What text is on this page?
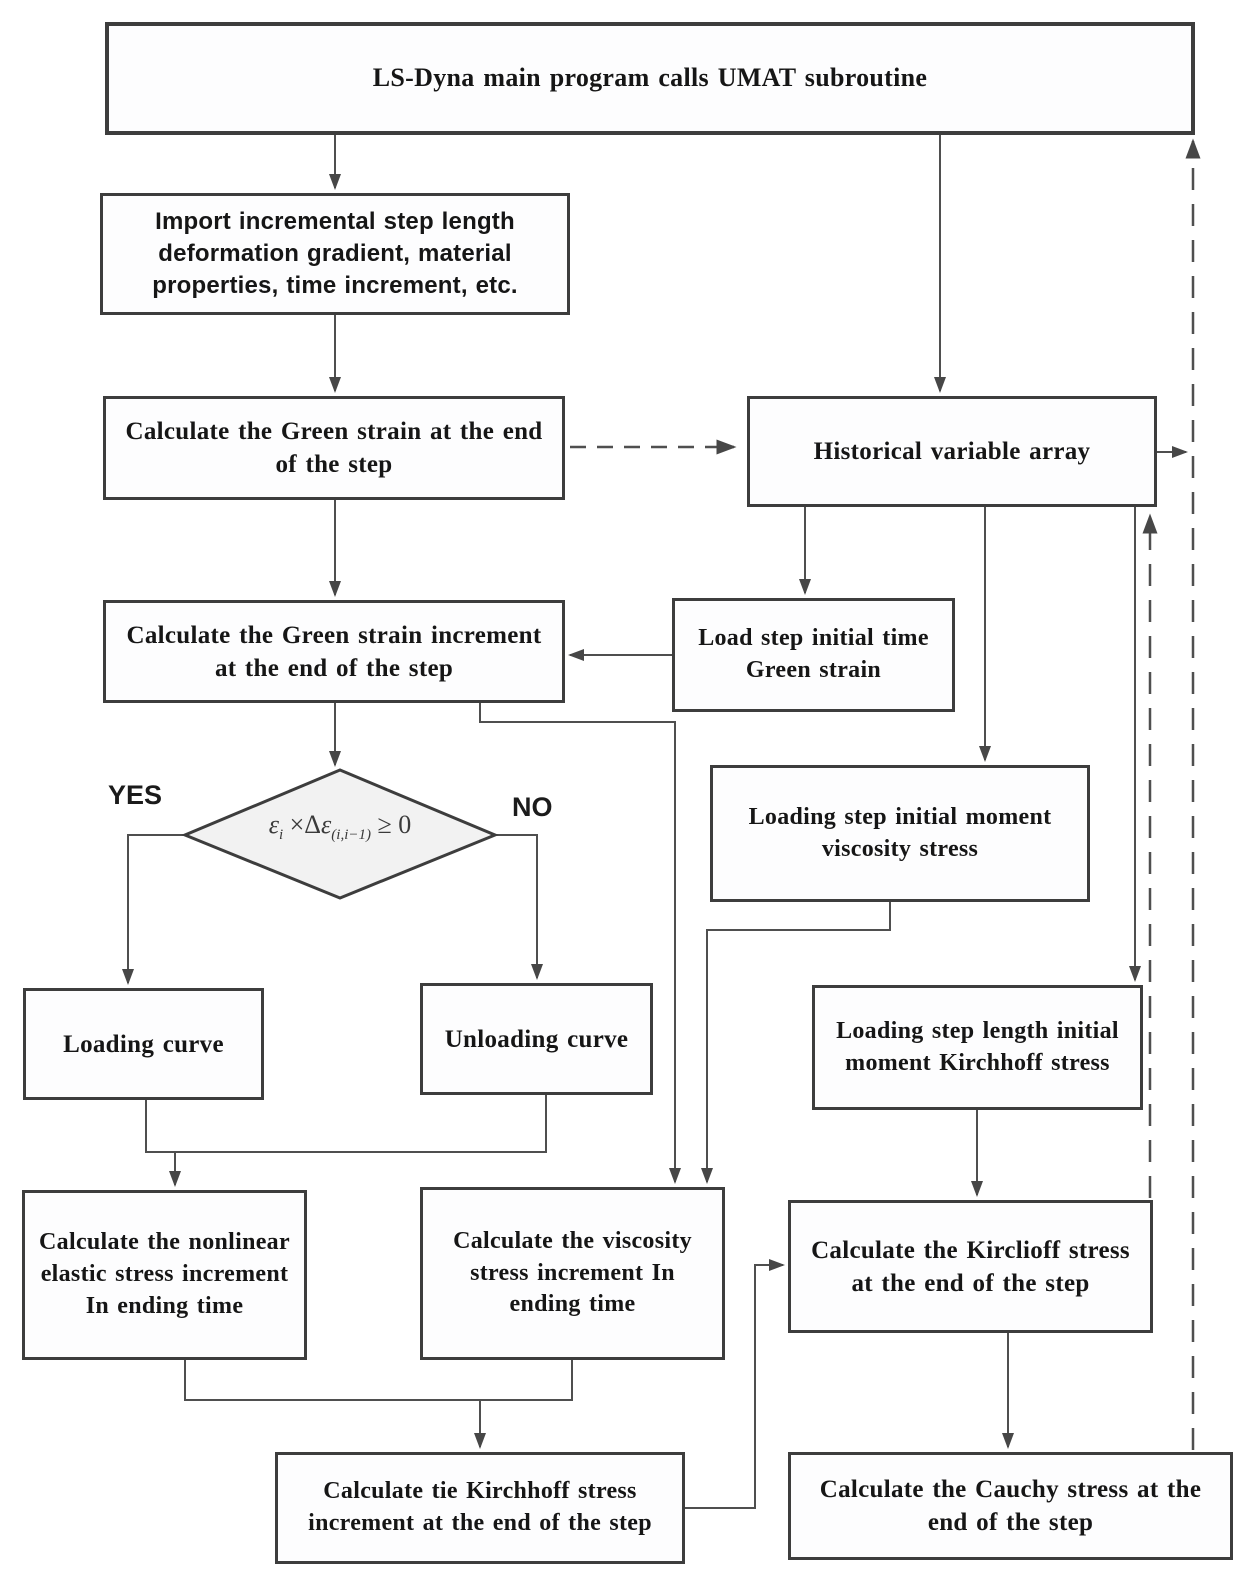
LS-Dyna main program calls UMAT subroutine
Import incremental step length deformation gradient, material properties, time increment, etc.
Calculate the Green strain at the end of the step	Historical variable array
Calculate the Green strain increment at the end of the step
Load step initial time Green strain
Loading step initial moment viscosity stress
Loading curve	Unloading curve	Loading step length initial moment Kirchhoff stress
Calculate the nonlinear elastic stress increment In ending time
Calculate the viscosity stress increment In ending time
Calculate the Kirclioff stress at the end of the step
Calculate tie Kirchhoff stress increment at the end of the step
Calculate the Cauchy stress at the end of the step
YES	NO
$\varepsilon_i \times\Delta\varepsilon_{(i,i-1)} \ge 0$
